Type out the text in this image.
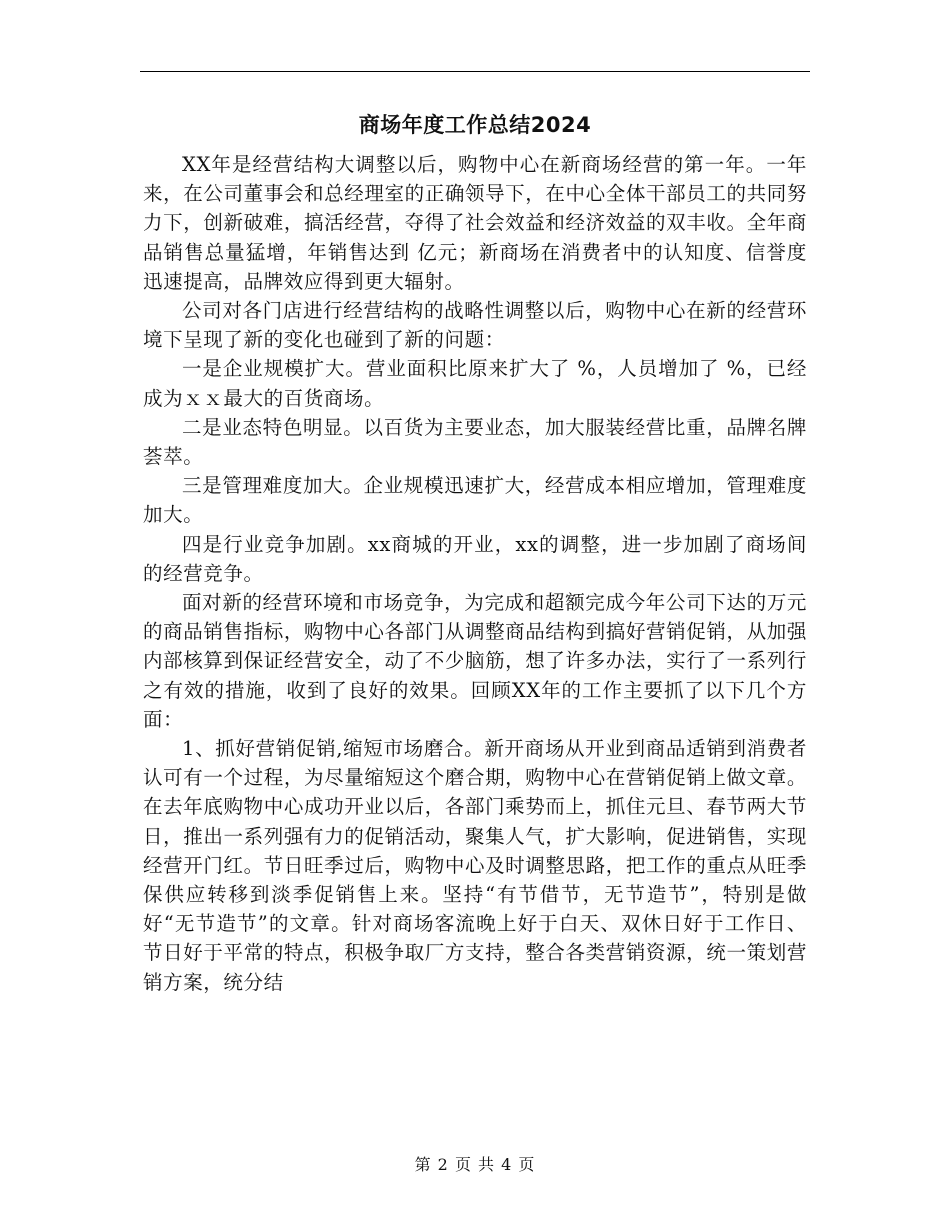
商场年度工作总结2024

XX年是经营结构大调整以后，购物中心在新商场经营的第一年。一年来，在公司董事会和总经理室的正确领导下，在中心全体干部员工的共同努力下，创新破难，搞活经营，夺得了社会效益和经济效益的双丰收。全年商品销售总量猛增，年销售达到 亿元；新商场在消费者中的认知度、信誉度迅速提高，品牌效应得到更大辐射。

公司对各门店进行经营结构的战略性调整以后，购物中心在新的经营环境下呈现了新的变化也碰到了新的问题：

一是企业规模扩大。营业面积比原来扩大了 %，人员增加了 %，已经成为ｘｘ最大的百货商场。

二是业态特色明显。以百货为主要业态，加大服装经营比重，品牌名牌荟萃。

三是管理难度加大。企业规模迅速扩大，经营成本相应增加，管理难度加大。

四是行业竞争加剧。xx商城的开业，xx的调整，进一步加剧了商场间的经营竞争。

面对新的经营环境和市场竞争，为完成和超额完成今年公司下达的万元的商品销售指标，购物中心各部门从调整商品结构到搞好营销促销，从加强内部核算到保证经营安全，动了不少脑筋，想了许多办法，实行了一系列行之有效的措施，收到了良好的效果。回顾XX年的工作主要抓了以下几个方面：

1、抓好营销促销,缩短市场磨合。新开商场从开业到商品适销到消费者认可有一个过程，为尽量缩短这个磨合期，购物中心在营销促销上做文章。在去年底购物中心成功开业以后，各部门乘势而上，抓住元旦、春节两大节日，推出一系列强有力的促销活动，聚集人气，扩大影响，促进销售，实现经营开门红。节日旺季过后，购物中心及时调整思路，把工作的重点从旺季保供应转移到淡季促销售上来。坚持“有节借节，无节造节”，特别是做好“无节造节”的文章。针对商场客流晚上好于白天、双休日好于工作日、节日好于平常的特点，积极争取厂方支持，整合各类营销资源，统一策划营销方案，统分结

第 2 页 共 4 页
